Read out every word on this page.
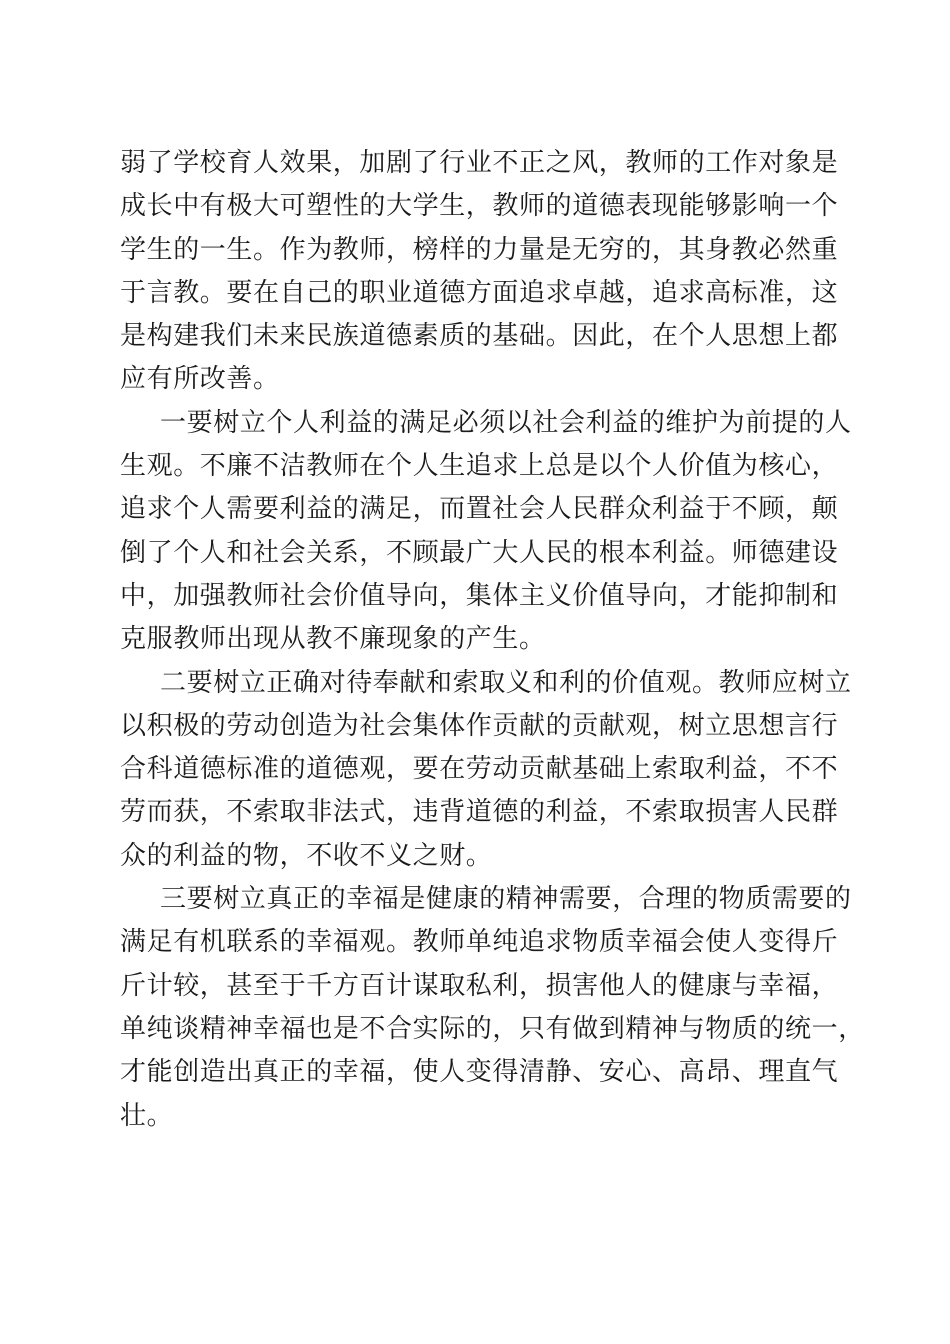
弱了学校育人效果，加剧了行业不正之风，教师的工作对象是
成长中有极大可塑性的大学生，教师的道德表现能够影响一个
学生的一生。作为教师，榜样的力量是无穷的，其身教必然重
于言教。要在自己的职业道德方面追求卓越，追求高标准，这
是构建我们未来民族道德素质的基础。因此，在个人思想上都
应有所改善。
一要树立个人利益的满足必须以社会利益的维护为前提的人
生观。不廉不洁教师在个人生追求上总是以个人价值为核心，
追求个人需要利益的满足，而置社会人民群众利益于不顾，颠
倒了个人和社会关系，不顾最广大人民的根本利益。师德建设
中，加强教师社会价值导向，集体主义价值导向，才能抑制和
克服教师出现从教不廉现象的产生。
二要树立正确对待奉献和索取义和利的价值观。教师应树立
以积极的劳动创造为社会集体作贡献的贡献观，树立思想言行
合科道德标准的道德观，要在劳动贡献基础上索取利益，不不
劳而获，不索取非法式，违背道德的利益，不索取损害人民群
众的利益的物，不收不义之财。
三要树立真正的幸福是健康的精神需要，合理的物质需要的
满足有机联系的幸福观。教师单纯追求物质幸福会使人变得斤
斤计较，甚至于千方百计谋取私利，损害他人的健康与幸福，
单纯谈精神幸福也是不合实际的，只有做到精神与物质的统一，
才能创造出真正的幸福，使人变得清静、安心、高昂、理直气
壮。
